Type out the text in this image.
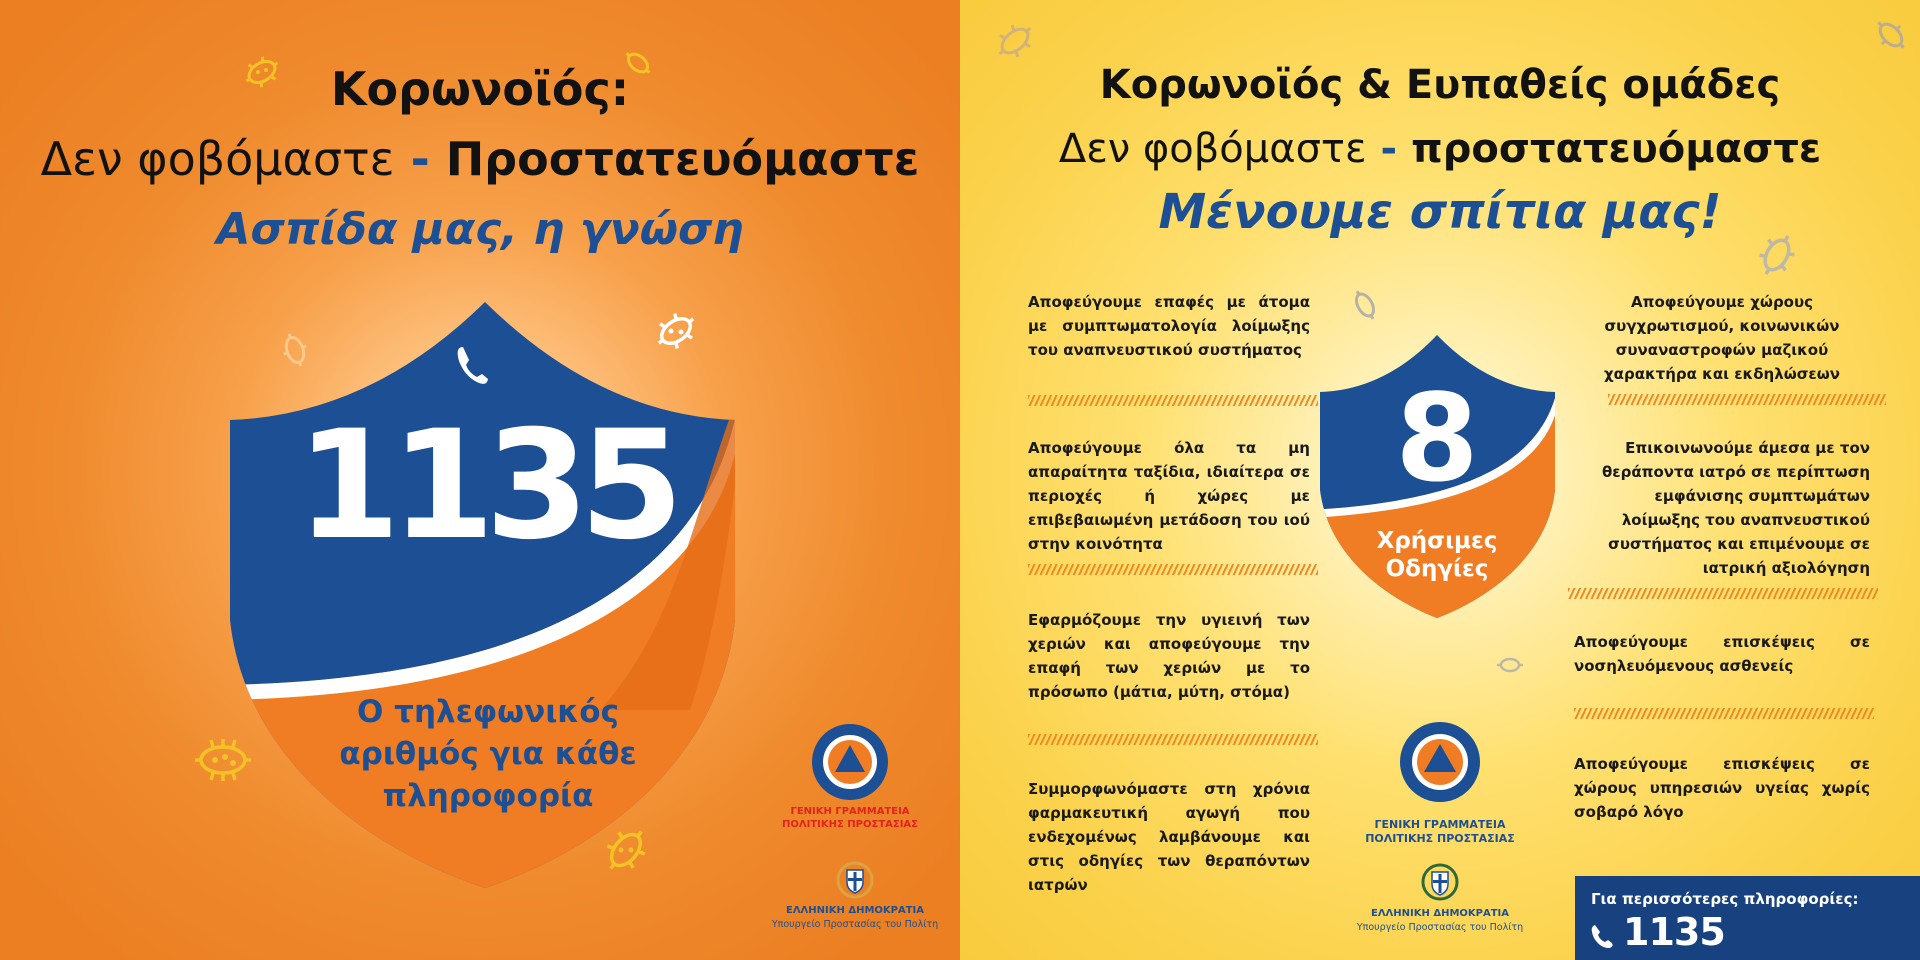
Κορωνοϊός:
Δεν φοβόμαστε - Προστατευόμαστε
Ασπίδα μας, η γνώση
1135
Ο τηλεφωνικός
αριθμός για κάθε
πληροφορία	ΓΕΝΙΚΗ ΓΡΑΜΜΑΤΕΙΑ
ΠΟΛΙΤΙΚΗΣ ΠΡΟΣΤΑΣΙΑΣ
ΕΛΛΗΝΙΚΗ ΔΗΜΟΚΡΑΤΙΑ
Υπουργείο Προστασίας του Πολίτη
Κορωνοϊός & Ευπαθείς ομάδες
Δεν φοβόμαστε - προστατευόμαστε
Μένουμε σπίτια μας!
Αποφεύγουμε επαφές με άτομα με συμπτωματολογία λοίμωξης του αναπνευστικού συστήματος
Αποφεύγουμε όλα τα μη απαραίτητα ταξίδια, ιδιαίτερα σε περιοχές ή χώρες με επιβεβαιωμένη μετάδοση του ιού στην κοινότητα
Εφαρμόζουμε την υγιεινή των χεριών και αποφεύγουμε την επαφή των χεριών με το πρόσωπο (μάτια, μύτη, στόμα)
Συμμορφωνόμαστε στη χρόνια φαρμακευτική αγωγή που ενδεχομένως λαμβάνουμε και στις οδηγίες των θεραπόντων ιατρών
Αποφεύγουμε χώρους συγχρωτισμού, κοινωνικών συναναστροφών μαζικού χαρακτήρα και εκδηλώσεων
Επικοινωνούμε άμεσα με τον θεράποντα ιατρό σε περίπτωση εμφάνισης συμπτωμάτων λοίμωξης του αναπνευστικού συστήματος και επιμένουμε σε ιατρική αξιολόγηση
Αποφεύγουμε επισκέψεις σε νοσηλευόμενους ασθενείς
Αποφεύγουμε επισκέψεις σε χώρους υπηρεσιών υγείας χωρίς σοβαρό λόγο
8
Χρήσιμες
Οδηγίες
ΓΕΝΙΚΗ ΓΡΑΜΜΑΤΕΙΑ
ΠΟΛΙΤΙΚΗΣ ΠΡΟΣΤΑΣΙΑΣ
ΕΛΛΗΝΙΚΗ ΔΗΜΟΚΡΑΤΙΑ
Υπουργείο Προστασίας του Πολίτη
Για περισσότερες πληροφορίες:
1135
